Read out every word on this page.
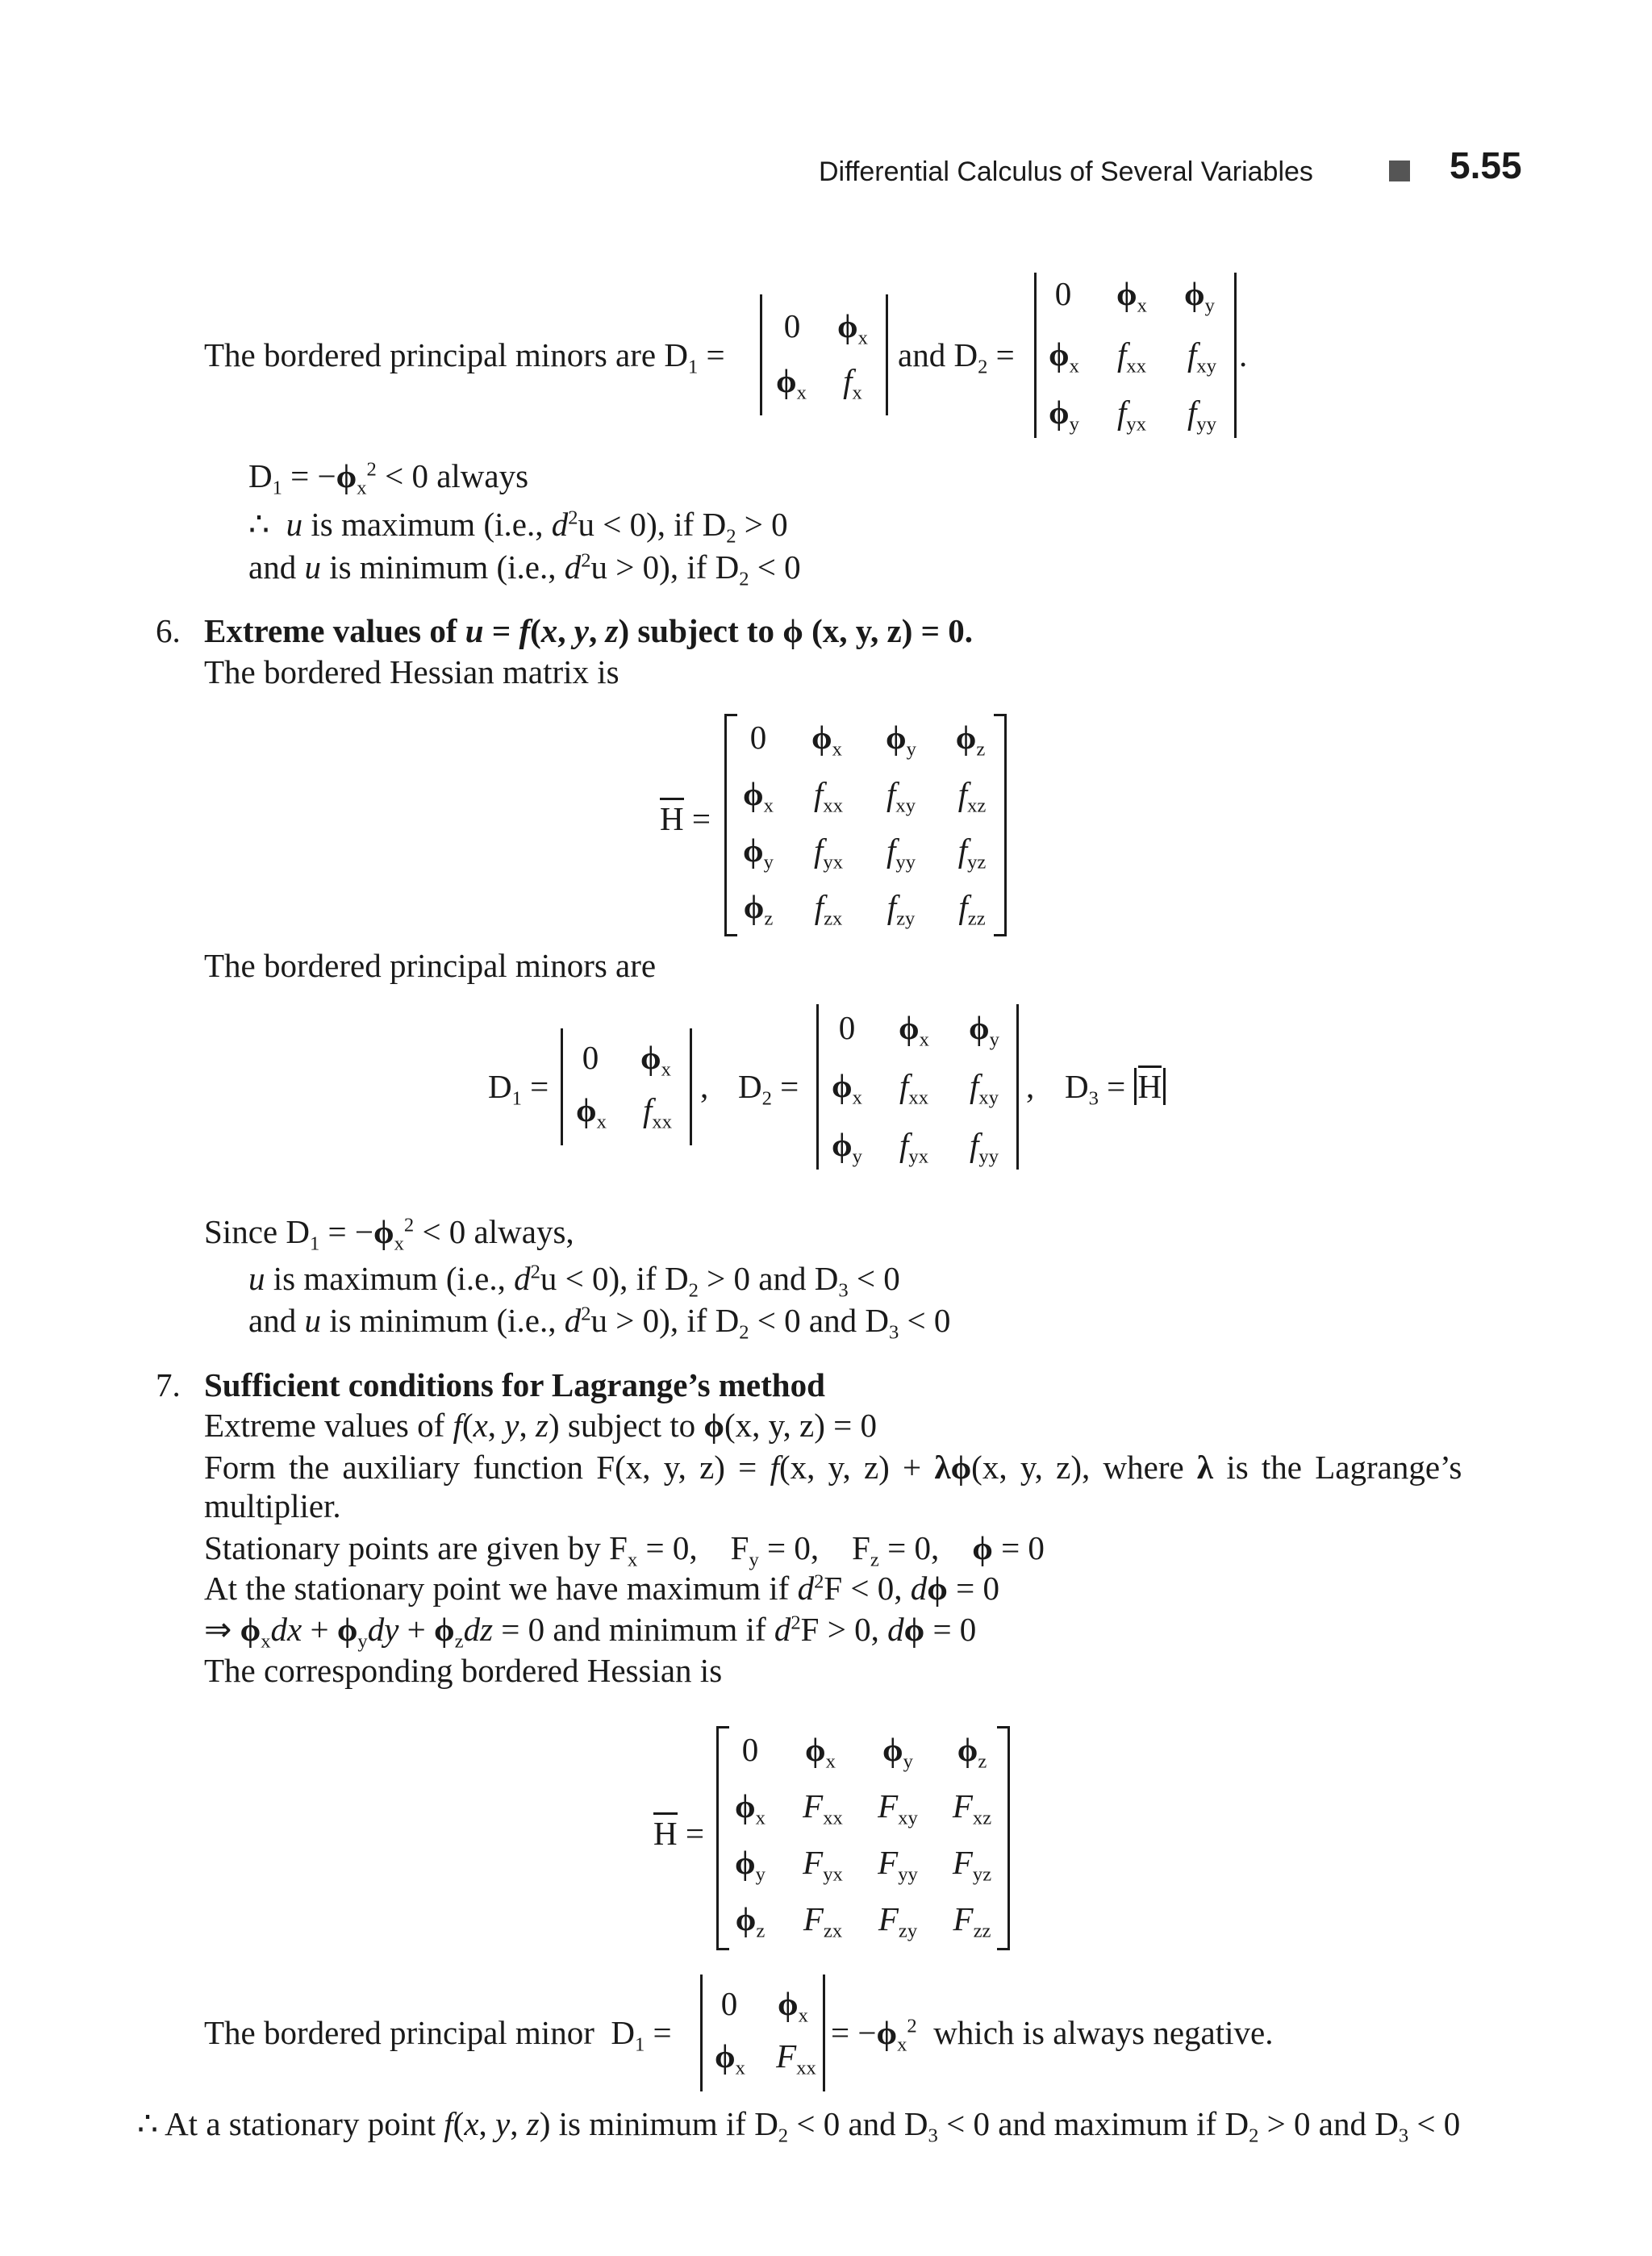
Differential Calculus of Several Variables	5.55
The bordered principal minors are $D_1$ =
0 $\phi_x$
$\phi_x$	$f_x$
and $D_2$ =
0 $\phi_x$ $\phi_y$
$\phi_x$	$f_{xx}$	$f_{xy}$
$\phi_y$	$f_{yx}$	$f_{yy}$
.
$D_1 = -\phi_x^2 < 0$ always
∴ u is maximum (i.e., $d^2u < 0$), if $D_2 > 0$
and u is minimum (i.e., $d^2u > 0$), if $D_2 < 0$
6. Extreme values of u = f(x, y, z) subject to ϕ (x, y, z) = 0.
The bordered Hessian matrix is
H =
0 $\phi_x$ $\phi_y$ $\phi_z$
$\phi_x$	$f_{xx}$	$f_{xy}$	$f_{xz}$
$\phi_y$	$f_{yx}$	$f_{yy}$	$f_{yz}$
$\phi_z$	$f_{zx}$	$f_{zy}$	$f_{zz}$
The bordered principal minors are
$D_1$ =
0 $\phi_x$
$\phi_x$	$f_{xx}$
, $D_2$ =
0 $\phi_x$ $\phi_y$
$\phi_x$	$f_{xx}$	$f_{xy}$
$\phi_y$	$f_{yx}$	$f_{yy}$
, $D_3 = H$
Since $D_1 = -\phi_x^2 < 0$ always,
u is maximum (i.e., $d^2u < 0$), if $D_2 > 0$ and $D_3 < 0$
and u is minimum (i.e., $d^2u > 0$), if $D_2 < 0$ and $D_3 < 0$
7. Sufficient conditions for Lagrange’s method
Extreme values of f(x, y, z) subject to ϕ(x, y, z) = 0
Form the auxiliary function F(x, y, z) = f(x, y, z) + λϕ(x, y, z), where λ is the Lagrange’s
multiplier.
Stationary points are given by $F_x = 0$,    $F_y = 0$,    $F_z = 0$,    ϕ = 0
At the stationary point we have maximum if $d^2F < 0$, dϕ = 0
⇒ $\phi_xdx + \phi_ydy + \phi_zdz = 0$ and minimum if $d^2F > 0$, dϕ = 0
The corresponding bordered Hessian is
H =
0 $\phi_x$ $\phi_y$ $\phi_z$
$\phi_x$ $F_{xx}$ $F_{xy}$ $F_{xz}$
$\phi_y$ $F_{yx}$ $F_{yy}$ $F_{yz}$
$\phi_z$ $F_{zx}$ $F_{zy}$ $F_{zz}$
The bordered principal minor  $D_1$ =
0 $\phi_x$
$\phi_x$ $F_{xx}$
= $-\phi_x^2$ which is always negative.
∴ At a stationary point f(x, y, z) is minimum if $D_2 < 0$ and $D_3 < 0$ and maximum if $D_2 > 0$ and $D_3 < 0$
